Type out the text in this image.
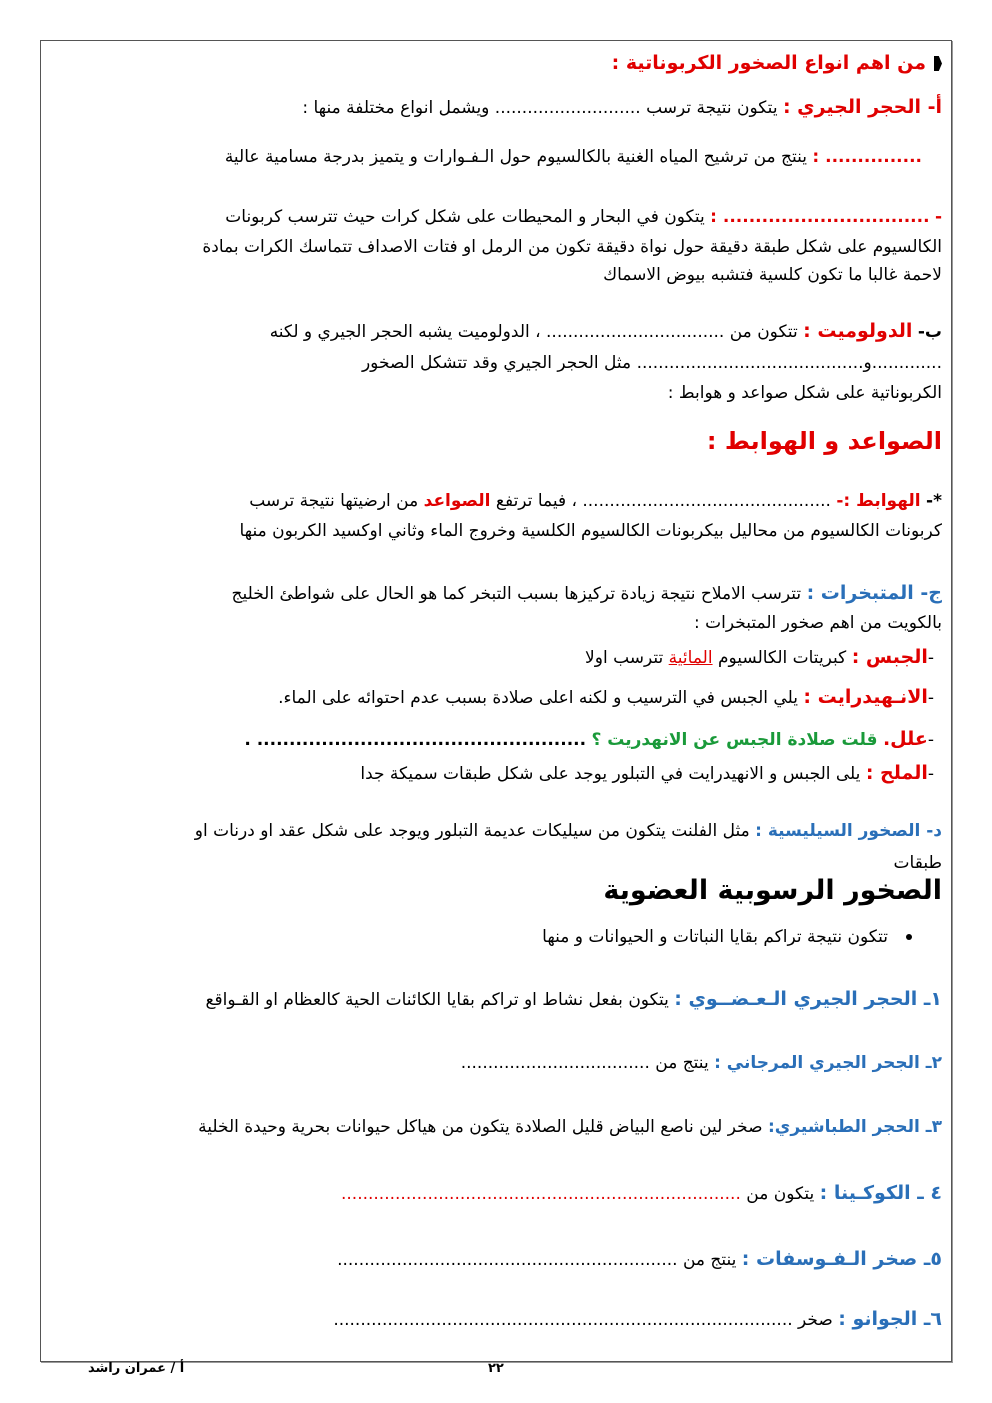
من اهم انواع الصخور الكربوناتية :
أ- الحجر الجيري : يتكون نتيجة ترسب ........................... ويشمل انواع مختلفة منها :
............... : ينتج من ترشيح المياه الغنية بالكالسيوم حول الـفـوارات و يتميز بدرجة مسامية عالية
- ................................ : يتكون في البحار و المحيطات على شكل كرات حيث تترسب كربونات
الكالسيوم على شكل طبقة دقيقة حول نواة دقيقة تكون من الرمل او فتات الاصداف تتماسك الكرات بمادة
لاحمة غالبا ما تكون كلسية فتشبه بيوض الاسماك
ب- الدولوميت : تتكون من ................................. ، الدولوميت يشبه الحجر الجيري و لكنه
.............و.......................................... مثل الحجر الجيري وقد تتشكل الصخور
الكربوناتية على شكل صواعد و هوابط :
الصواعد و الهوابط :
*- الهوابط :- .............................................. ، فيما ترتفع الصواعد من ارضيتها نتيجة ترسب
كربونات الكالسيوم من محاليل بيكربونات الكالسيوم الكلسية وخروج الماء وثاني اوكسيد الكربون منها
ج- المتبخرات : تترسب الاملاح نتيجة زيادة تركيزها بسبب التبخر كما هو الحال على شواطئ الخليج
بالكويت من اهم صخور المتبخرات :
-الجبس : كبريتات الكالسيوم المائية تترسب اولا
-الانـهيدرايت : يلي الجبس في الترسيب و لكنه اعلى صلادة بسبب عدم احتوائه على الماء.
-علل. قلت صلادة الجبس عن الانهدريت ؟ ................................................... .
-الملح : يلى الجبس و الانهيدرايت في التبلور يوجد على شكل طبقات سميكة جدا
د- الصخور السيليسية : مثل الفلنت يتكون من سيليكات عديمة التبلور ويوجد على شكل عقد او درنات او
طبقات
الصخور الرسوبية العضوية
تتكون نتيجة تراكم بقايا النباتات و الحيوانات و منها
١ـ الحجر الجيري الـعـضــوي : يتكون بفعل نشاط او تراكم بقايا الكائنات الحية كالعظام او القـواقع
٢ـ الجحر الجيري المرجاني : ينتج من ...................................
٣ـ الحجر الطباشيري: صخر لين ناصع البياض قليل الصلادة يتكون من هياكل حيوانات بحرية وحيدة الخلية
٤ ـ الكوكـينا : يتكون من ..........................................................................
٥ـ صخر الـفـوسفات : ينتج من ...............................................................
٦ـ الجوانو : صخر .....................................................................................
أ / عمران راشد	٢٢
